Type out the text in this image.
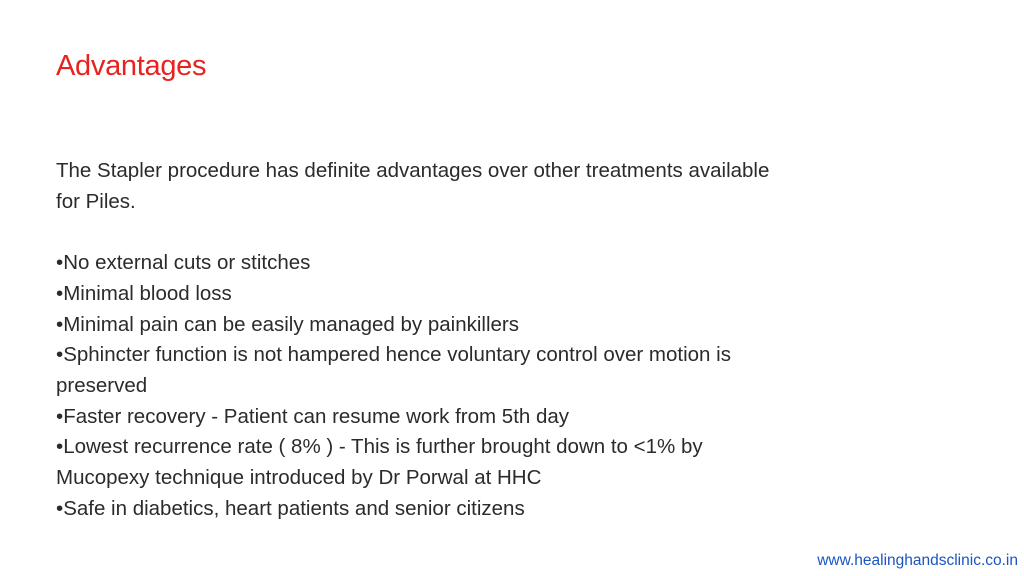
Advantages

The Stapler procedure has definite advantages over other treatments available for Piles.

•No external cuts or stitches
•Minimal blood loss
•Minimal pain can be easily managed by painkillers
•Sphincter function is not hampered hence voluntary control over motion is preserved
•Faster recovery - Patient can resume work from 5th day
•Lowest recurrence rate ( 8% ) - This is further brought down to <1% by Mucopexy technique introduced by Dr Porwal at HHC
•Safe in diabetics, heart patients and senior citizens
www.healinghandsclinic.co.in
